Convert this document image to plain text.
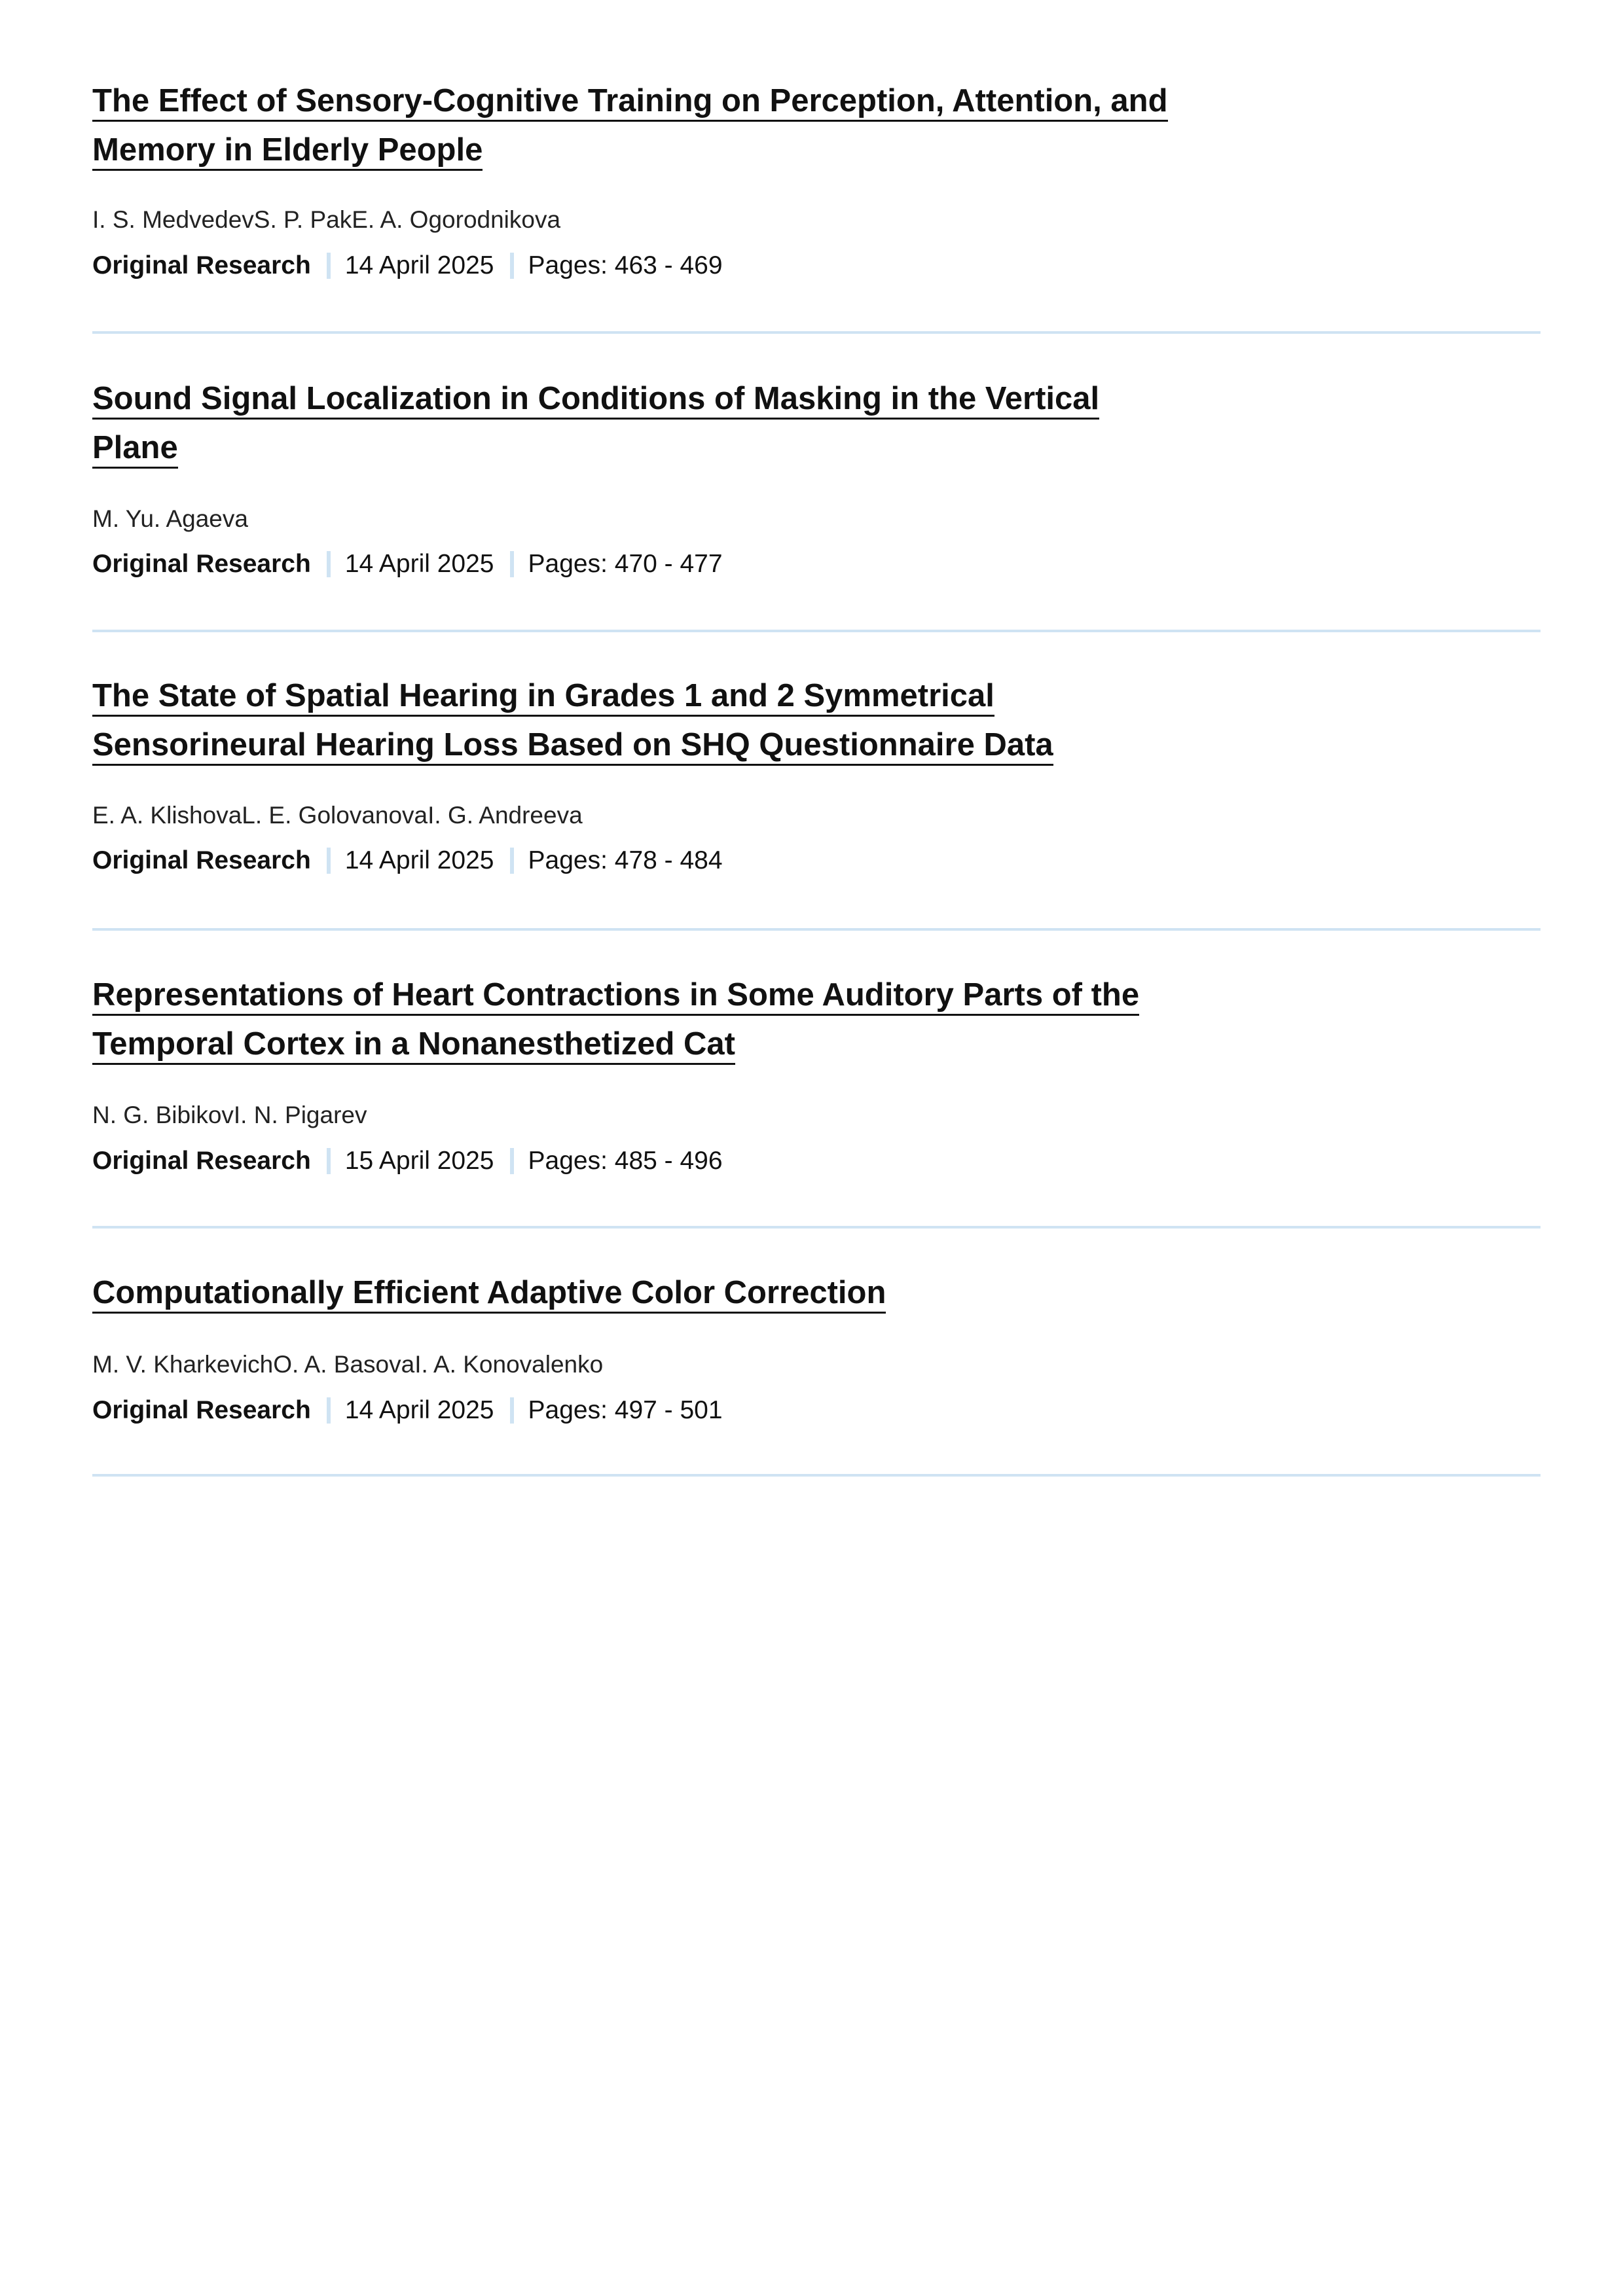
The Effect of Sensory-Cognitive Training on Perception, Attention, and
Memory in Elderly People
I. S. MedvedevS. P. PakE. A. Ogorodnikova
Original Research 14 April 2025 Pages: 463 - 469
Sound Signal Localization in Conditions of Masking in the Vertical
Plane
M. Yu. Agaeva
Original Research 14 April 2025 Pages: 470 - 477
The State of Spatial Hearing in Grades 1 and 2 Symmetrical
Sensorineural Hearing Loss Based on SHQ Questionnaire Data
E. A. KlishovaL. E. GolovanovaI. G. Andreeva
Original Research 14 April 2025 Pages: 478 - 484
Representations of Heart Contractions in Some Auditory Parts of the
Temporal Cortex in a Nonanesthetized Cat
N. G. BibikovI. N. Pigarev
Original Research 15 April 2025 Pages: 485 - 496
Computationally Efficient Adaptive Color Correction
M. V. KharkevichO. A. BasovaI. A. Konovalenko
Original Research 14 April 2025 Pages: 497 - 501
